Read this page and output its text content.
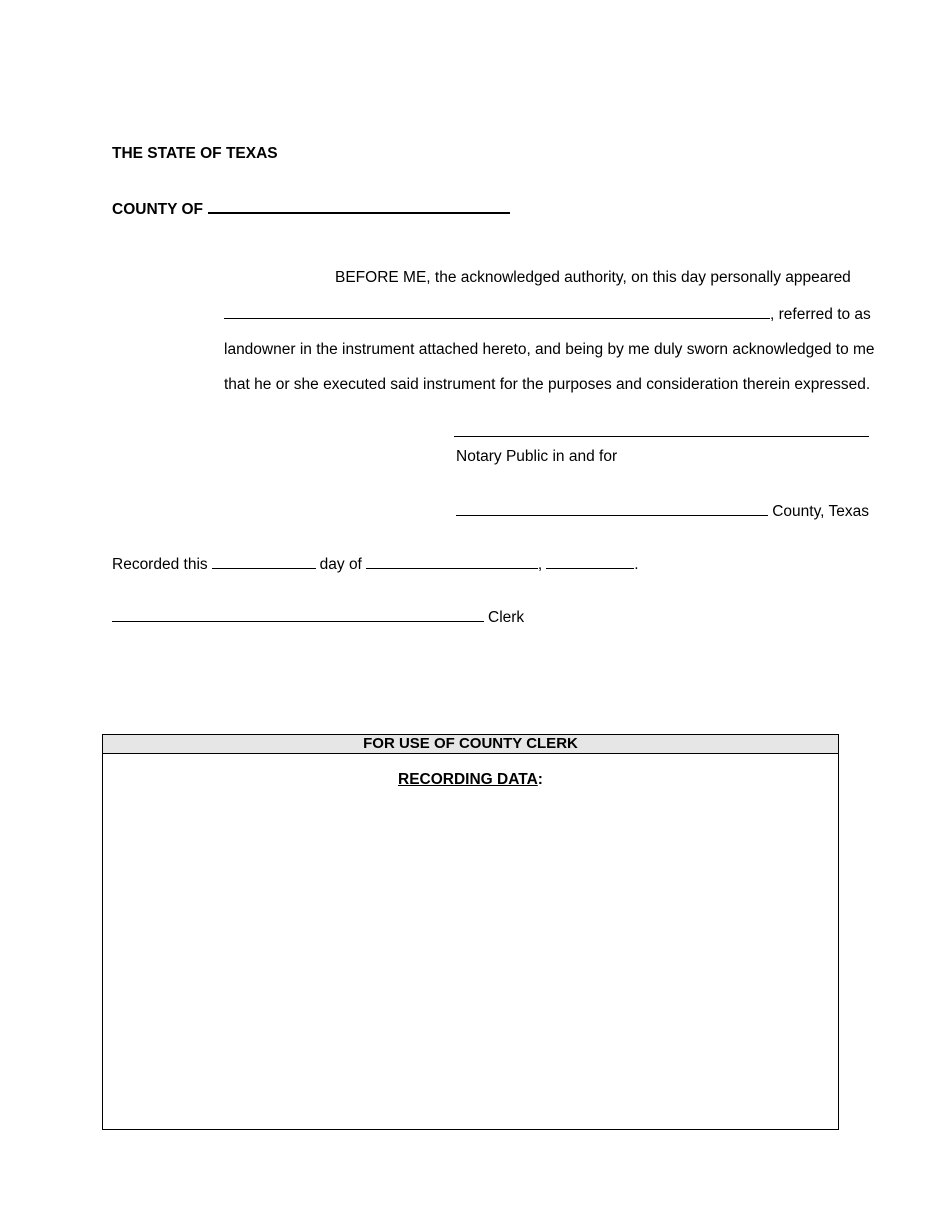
THE STATE OF TEXAS
COUNTY OF
BEFORE ME, the acknowledged authority, on this day personally appeared
, referred to as
landowner in the instrument attached hereto, and being by me duly sworn acknowledged to me
that he or she executed said instrument for the purposes and consideration therein expressed.
Notary Public in and for
County, Texas
Recorded this	day of	,	.
Clerk
FOR USE OF COUNTY CLERK
RECORDING DATA:
